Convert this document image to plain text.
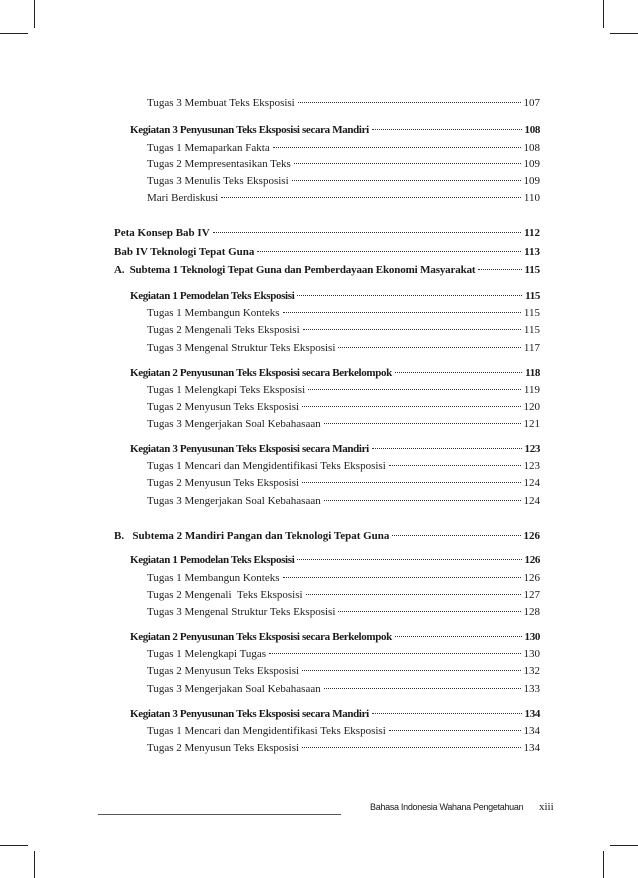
Tugas 3 Membuat Teks Eksposisi	107
Kegiatan 3 Penyusunan Teks Eksposisi secara Mandiri	108
Tugas 1 Memaparkan Fakta	108
Tugas 2 Mempresentasikan Teks	109
Tugas 3 Menulis Teks Eksposisi	109
Mari Berdiskusi	110
Peta Konsep Bab IV	112
Bab IV Teknologi Tepat Guna	113
A.  Subtema 1 Teknologi Tepat Guna dan Pemberdayaan Ekonomi Masyarakat	115
Kegiatan 1 Pemodelan Teks Eksposisi	115
Tugas 1 Membangun Konteks	115
Tugas 2 Mengenali Teks Eksposisi	115
Tugas 3 Mengenal Struktur Teks Eksposisi	117
Kegiatan 2 Penyusunan Teks Eksposisi secara Berkelompok	118
Tugas 1 Melengkapi Teks Eksposisi	119
Tugas 2 Menyusun Teks Eksposisi	120
Tugas 3 Mengerjakan Soal Kebahasaan	121
Kegiatan 3 Penyusunan Teks Eksposisi secara Mandiri	123
Tugas 1 Mencari dan Mengidentifikasi Teks Eksposisi	123
Tugas 2 Menyusun Teks Eksposisi	124
Tugas 3 Mengerjakan Soal Kebahasaan	124
B.   Subtema 2 Mandiri Pangan dan Teknologi Tepat Guna	126
Kegiatan 1 Pemodelan Teks Eksposisi	126
Tugas 1 Membangun Konteks	126
Tugas 2 Mengenali  Teks Eksposisi	127
Tugas 3 Mengenal Struktur Teks Eksposisi	128
Kegiatan 2 Penyusunan Teks Eksposisi secara Berkelompok	130
Tugas 1 Melengkapi Tugas	130
Tugas 2 Menyusun Teks Eksposisi	132
Tugas 3 Mengerjakan Soal Kebahasaan	133
Kegiatan 3 Penyusunan Teks Eksposisi secara Mandiri	134
Tugas 1 Mencari dan Mengidentifikasi Teks Eksposisi	134
Tugas 2 Menyusun Teks Eksposisi	134
Bahasa Indonesia Wahana Pengetahuan xiii
